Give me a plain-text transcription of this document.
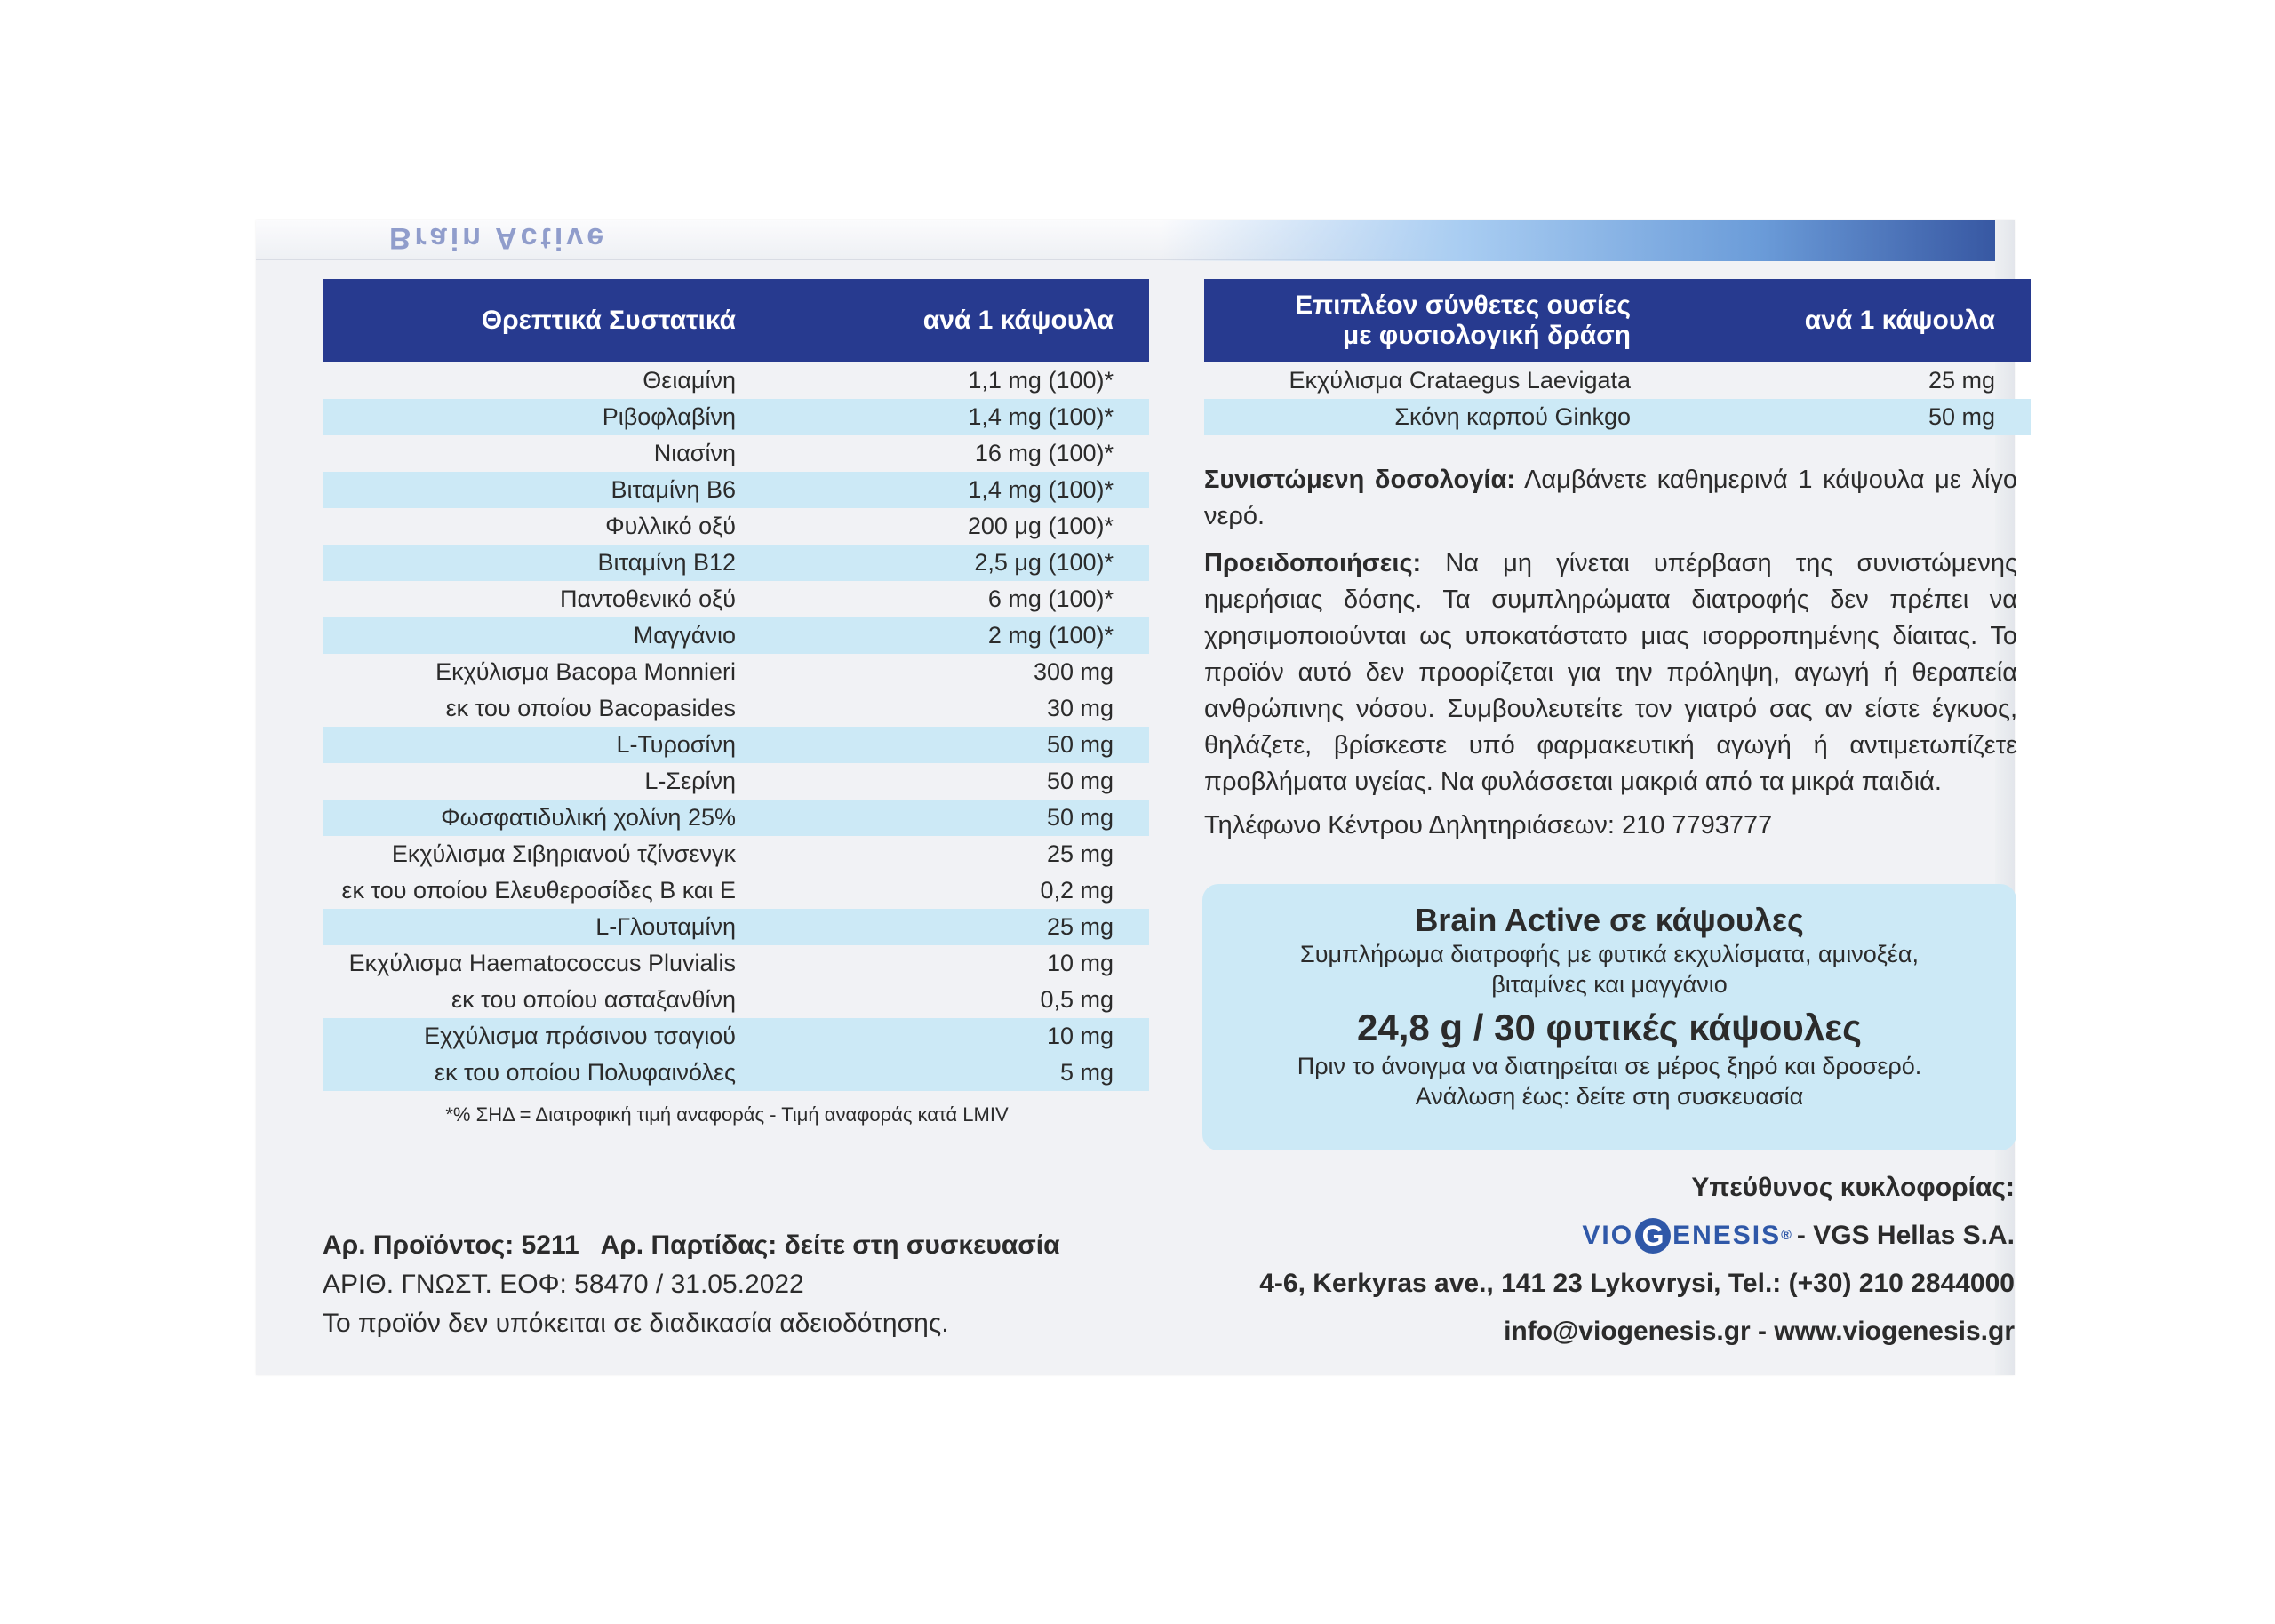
Brain Active
Θρεπτικά Συστατικά	ανά 1 κάψουλα
Θειαμίνη	1,1 mg (100)*
Ριβοφλαβίνη	1,4 mg (100)*
Νιασίνη	16 mg (100)*
Βιταμίνη Β6	1,4 mg (100)*
Φυλλικό οξύ	200 μg (100)*
Βιταμίνη Β12	2,5 μg (100)*
Παντοθενικό οξύ	6 mg (100)*
Μαγγάνιο	2 mg (100)*
Εκχύλισμα Bacopa Monnieri	300 mg
εκ του οποίου Bacopasides	30 mg
L-Τυροσίνη	50 mg
L-Σερίνη	50 mg
Φωσφατιδυλική χολίνη 25%	50 mg
Εκχύλισμα Σιβηριανού τζίνσενγκ	25 mg
εκ του οποίου Ελευθεροσίδες Β και Ε	0,2 mg
L-Γλουταμίνη	25 mg
Εκχύλισμα Haematococcus Pluvialis	10 mg
εκ του οποίου ασταξανθίνη	0,5 mg
Εχχύλισμα πράσινου τσαγιού	10 mg
εκ του οποίου Πολυφαινόλες	5 mg
*% ΣΗΔ = Διατροφική τιμή αναφοράς - Τιμή αναφοράς κατά LMIV
Επιπλέον σύνθετες ουσίες
με φυσιολογική δράση
ανά 1 κάψουλα
Εκχύλισμα Crataegus Laevigata	25 mg
Σκόνη καρπού Ginkgo	50 mg

Συνιστώμενη δοσολογία: Λαμβάνετε καθημερινά 1 κάψουλα με λίγο νερό.

Προειδοποιήσεις: Να μη γίνεται υπέρβαση της συνιστώμενης ημερήσιας δόσης. Τα συμπληρώματα διατροφής δεν πρέπει να χρησιμοποιούνται ως υποκατάστατο μιας ισορροπημένης δίαιτας. Το προϊόν αυτό δεν προορίζεται για την πρόληψη, αγωγή ή θεραπεία ανθρώπινης νόσου. Συμβουλευτείτε τον γιατρό σας αν είστε έγκυος, θηλάζετε, βρίσκεστε υπό φαρμακευτική αγωγή ή αντιμετωπίζετε προβλήματα υγείας. Να φυλάσσεται μακριά από τα μικρά παιδιά.

Τηλέφωνο Κέντρου Δηλητηριάσεων: 210 7793777

Brain Active σε κάψουλες
Συμπλήρωμα διατροφής με φυτικά εκχυλίσματα, αμινοξέα,
βιταμίνες και μαγγάνιο
24,8 g / 30 φυτικές κάψουλες
Πριν το άνοιγμα να διατηρείται σε μέρος ξηρό και δροσερό.
Ανάλωση έως: δείτε στη συσκευασία
Αρ. Προϊόντος: 5211   Αρ. Παρτίδας: δείτε στη συσκευασία
ΑΡΙΘ. ΓΝΩΣΤ. ΕΟΦ: 58470 / 31.05.2022
Το προϊόν δεν υπόκειται σε διαδικασία αδειοδότησης.
Υπεύθυνος κυκλοφορίας:
VIO G ENESIS ® - VGS Hellas S.A.
4-6, Kerkyras ave., 141 23 Lykovrysi, Tel.: (+30) 210 2844000
info@viogenesis.gr - www.viogenesis.gr
